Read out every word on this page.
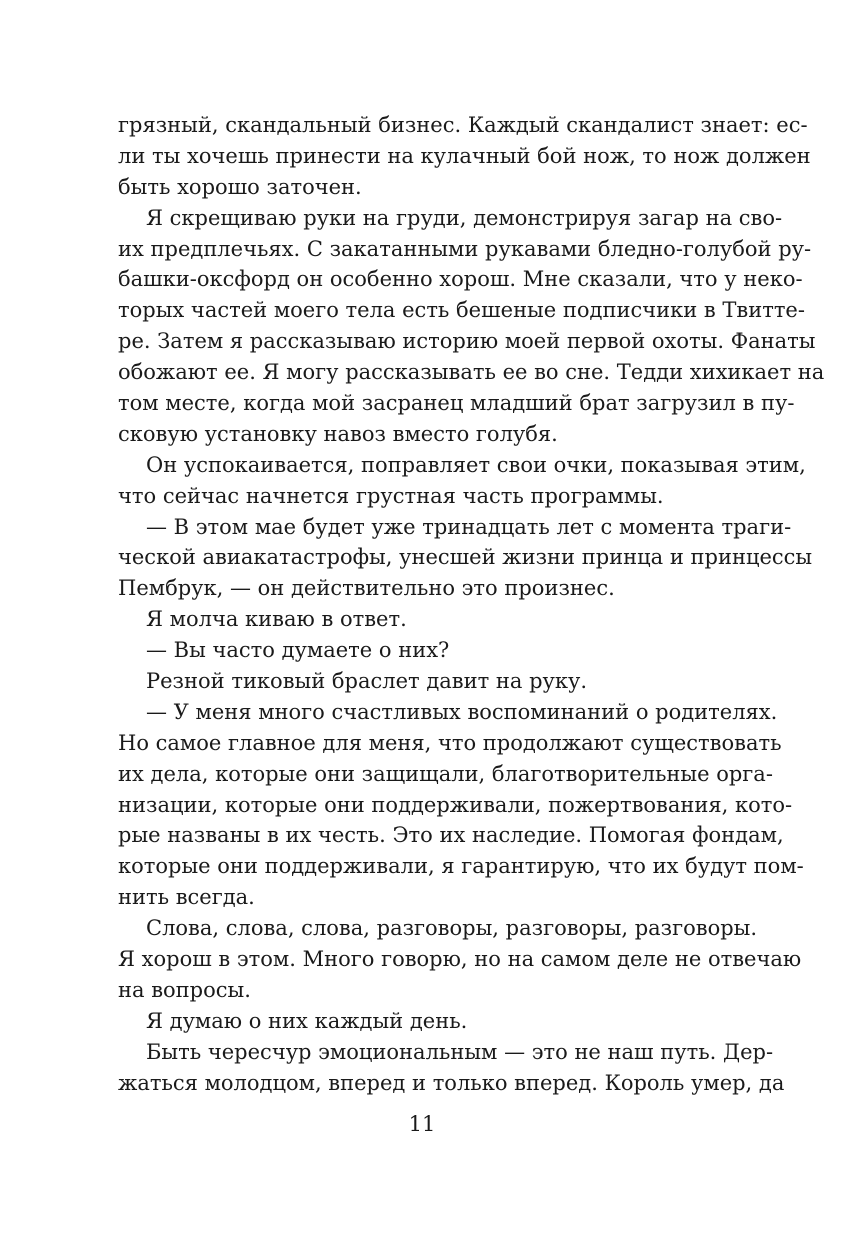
грязный, скандальный бизнес. Каждый скандалист знает: ес-
ли ты хочешь принести на кулачный бой нож, то нож должен
быть хорошо заточен.
Я скрещиваю руки на груди, демонстрируя загар на сво-
их предплечьях. С закатанными рукавами бледно-голубой ру-
башки-оксфорд он особенно хорош. Мне сказали, что у неко-
торых частей моего тела есть бешеные подписчики в Твитте-
ре. Затем я рассказываю историю моей первой охоты. Фанаты
обожают ее. Я могу рассказывать ее во сне. Тедди хихикает на
том месте, когда мой засранец младший брат загрузил в пу-
сковую установку навоз вместо голубя.
Он успокаивается, поправляет свои очки, показывая этим,
что сейчас начнется грустная часть программы.
— В этом мае будет уже тринадцать лет с момента траги-
ческой авиакатастрофы, унесшей жизни принца и принцессы
Пембрук, — он действительно это произнес.
Я молча киваю в ответ.
— Вы часто думаете о них?
Резной тиковый браслет давит на руку.
— У меня много счастливых воспоминаний о родителях.
Но самое главное для меня, что продолжают существовать
их дела, которые они защищали, благотворительные орга-
низации, которые они поддерживали, пожертвования, кото-
рые названы в их честь. Это их наследие. Помогая фондам,
которые они поддерживали, я гарантирую, что их будут пом-
нить всегда.
Слова, слова, слова, разговоры, разговоры, разговоры.
Я хорош в этом. Много говорю, но на самом деле не отвечаю
на вопросы.
Я думаю о них каждый день.
Быть чересчур эмоциональным — это не наш путь. Дер-
жаться молодцом, вперед и только вперед. Король умер, да
11
